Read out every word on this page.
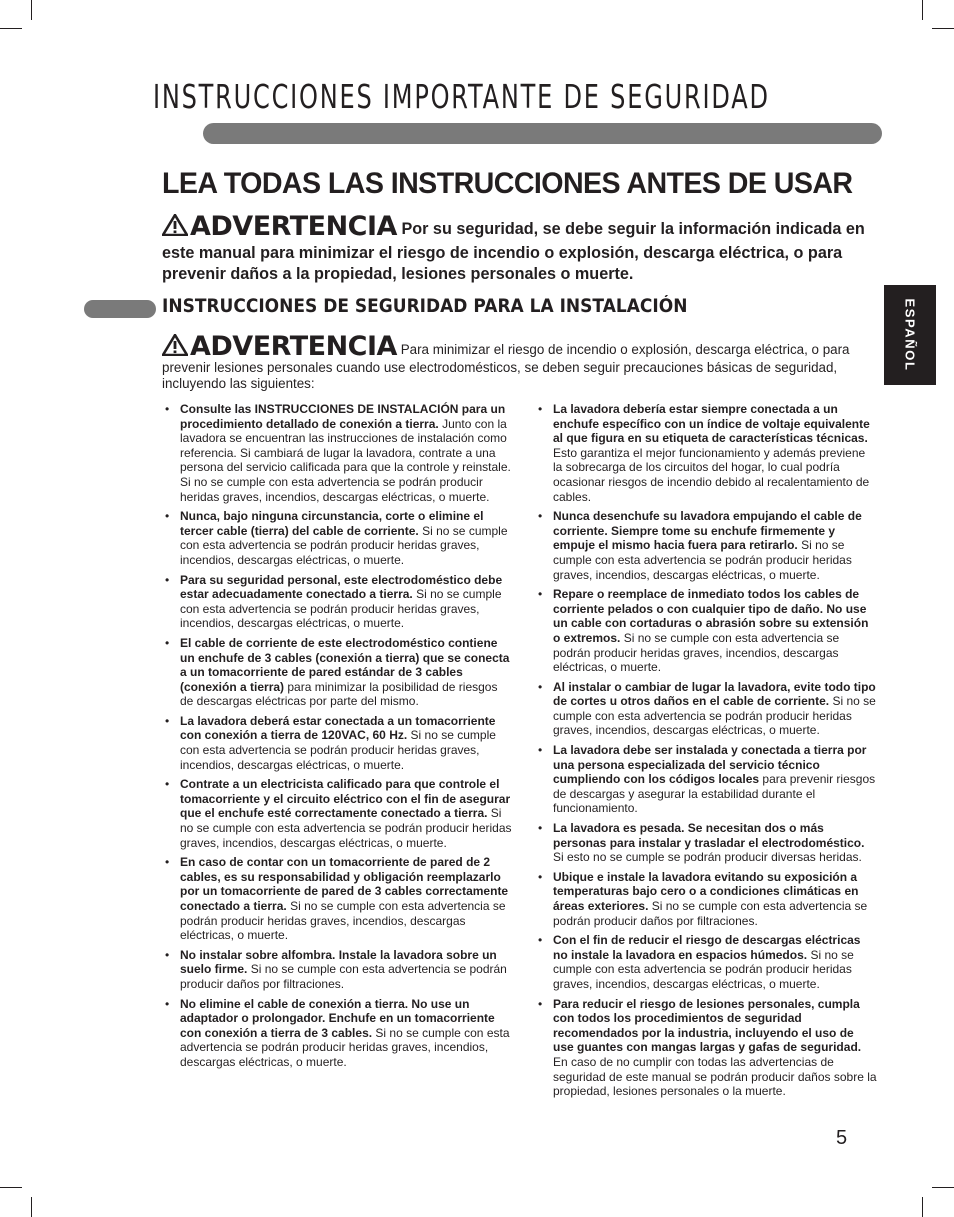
INSTRUCCIONES IMPORTANTE DE SEGURIDAD
LEA TODAS LAS INSTRUCCIONES ANTES DE USAR
ADVERTENCIA Por su seguridad, se debe seguir la información indicada en este manual para minimizar el riesgo de incendio o explosión, descarga eléctrica, o para prevenir daños a la propiedad, lesiones personales o muerte.
INSTRUCCIONES DE SEGURIDAD PARA LA INSTALACIÓN
ADVERTENCIA Para minimizar el riesgo de incendio o explosión, descarga eléctrica, o para prevenir lesiones personales cuando use electrodomésticos, se deben seguir precauciones básicas de seguridad, incluyendo las siguientes:
ESPAÑOL
• Consulte las INSTRUCCIONES DE INSTALACIÓN para un procedimiento detallado de conexión a tierra. Junto con la lavadora se encuentran las instrucciones de instalación como referencia. Si cambiará de lugar la lavadora, contrate a una persona del servicio calificada para que la controle y reinstale. Si no se cumple con esta advertencia se podrán producir heridas graves, incendios, descargas eléctricas, o muerte.
• Nunca, bajo ninguna circunstancia, corte o elimine el tercer cable (tierra) del cable de corriente. Si no se cumple con esta advertencia se podrán producir heridas graves, incendios, descargas eléctricas, o muerte.
• Para su seguridad personal, este electrodoméstico debe estar adecuadamente conectado a tierra. Si no se cumple con esta advertencia se podrán producir heridas graves, incendios, descargas eléctricas, o muerte.
• El cable de corriente de este electrodoméstico contiene un enchufe de 3 cables (conexión a tierra) que se conecta a un tomacorriente de pared estándar de 3 cables (conexión a tierra) para minimizar la posibilidad de riesgos de descargas eléctricas por parte del mismo.
• La lavadora deberá estar conectada a un tomacorriente con conexión a tierra de 120VAC, 60 Hz. Si no se cumple con esta advertencia se podrán producir heridas graves, incendios, descargas eléctricas, o muerte.
• Contrate a un electricista calificado para que controle el tomacorriente y el circuito eléctrico con el fin de asegurar que el enchufe esté correctamente conectado a tierra. Si no se cumple con esta advertencia se podrán producir heridas graves, incendios, descargas eléctricas, o muerte.
• En caso de contar con un tomacorriente de pared de 2 cables, es su responsabilidad y obligación reemplazarlo por un tomacorriente de pared de 3 cables correctamente conectado a tierra. Si no se cumple con esta advertencia se podrán producir heridas graves, incendios, descargas eléctricas, o muerte.
• No instalar sobre alfombra. Instale la lavadora sobre un suelo firme. Si no se cumple con esta advertencia se podrán producir daños por filtraciones.
• No elimine el cable de conexión a tierra. No use un adaptador o prolongador. Enchufe en un tomacorriente con conexión a tierra de 3 cables. Si no se cumple con esta advertencia se podrán producir heridas graves, incendios, descargas eléctricas, o muerte.
• La lavadora debería estar siempre conectada a un enchufe específico con un índice de voltaje equivalente al que figura en su etiqueta de características técnicas. Esto garantiza el mejor funcionamiento y además previene la sobrecarga de los circuitos del hogar, lo cual podría ocasionar riesgos de incendio debido al recalentamiento de cables.
• Nunca desenchufe su lavadora empujando el cable de corriente. Siempre tome su enchufe firmemente y empuje el mismo hacia fuera para retirarlo. Si no se cumple con esta advertencia se podrán producir heridas graves, incendios, descargas eléctricas, o muerte.
• Repare o reemplace de inmediato todos los cables de corriente pelados o con cualquier tipo de daño. No use un cable con cortaduras o abrasión sobre su extensión o extremos. Si no se cumple con esta advertencia se podrán producir heridas graves, incendios, descargas eléctricas, o muerte.
• Al instalar o cambiar de lugar la lavadora, evite todo tipo de cortes u otros daños en el cable de corriente. Si no se cumple con esta advertencia se podrán producir heridas graves, incendios, descargas eléctricas, o muerte.
• La lavadora debe ser instalada y conectada a tierra por una persona especializada del servicio técnico cumpliendo con los códigos locales para prevenir riesgos de descargas y asegurar la estabilidad durante el funcionamiento.
• La lavadora es pesada. Se necesitan dos o más personas para instalar y trasladar el electrodoméstico. Si esto no se cumple se podrán producir diversas heridas.
• Ubique e instale la lavadora evitando su exposición a temperaturas bajo cero o a condiciones climáticas en áreas exteriores. Si no se cumple con esta advertencia se podrán producir daños por filtraciones.
• Con el fin de reducir el riesgo de descargas eléctricas no instale la lavadora en espacios húmedos. Si no se cumple con esta advertencia se podrán producir heridas graves, incendios, descargas eléctricas, o muerte.
• Para reducir el riesgo de lesiones personales, cumpla con todos los procedimientos de seguridad recomendados por la industria, incluyendo el uso de use guantes con mangas largas y gafas de seguridad. En caso de no cumplir con todas las advertencias de seguridad de este manual se podrán producir daños sobre la propiedad, lesiones personales o la muerte.
5
